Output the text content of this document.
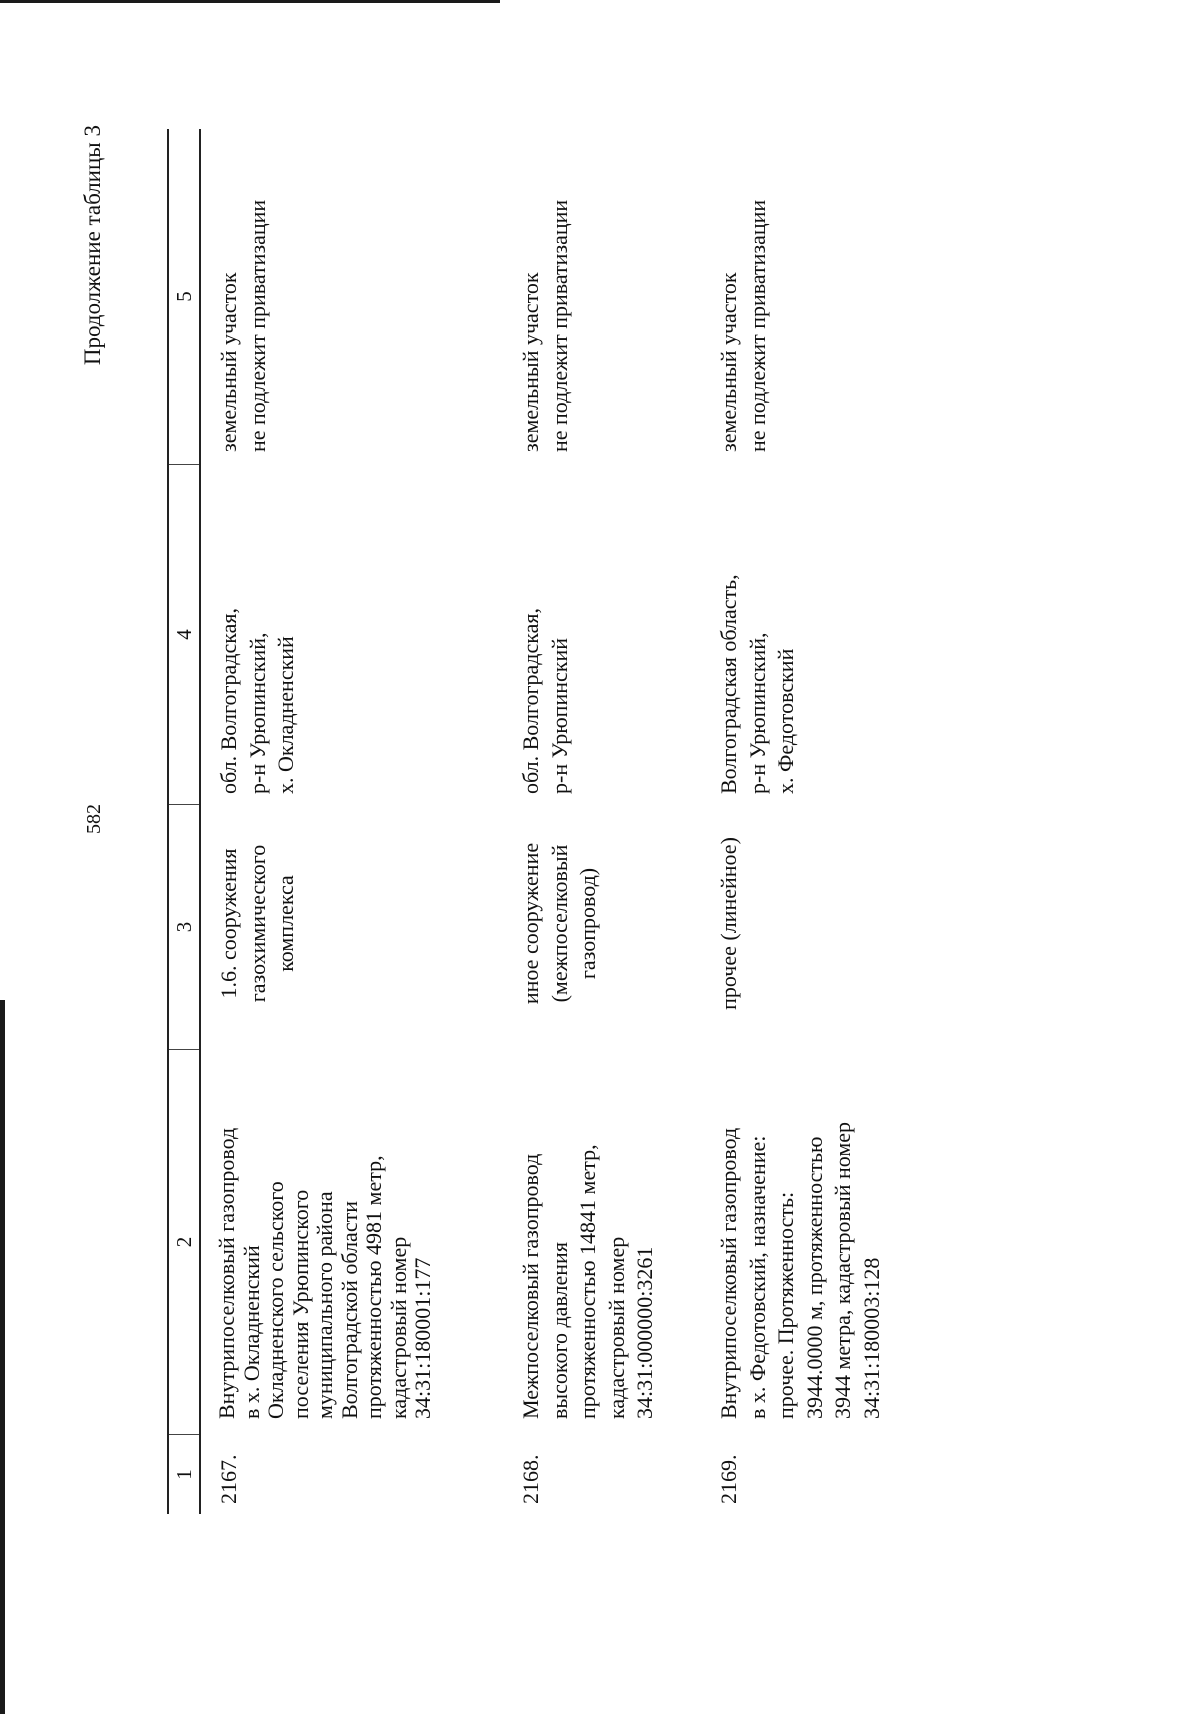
582
Продолжение таблицы 3
1
2
3
4
5
2167.
Внутрипоселковый газопровод в х. Окладненский Окладненского сельского поселения Урюпинского муниципального района Волгоградской области протяженностью 4981 метр, кадастровый номер 34:31:180001:177
1.6. сооружения газохимического комплекса
обл. Волгоградская, р-н Урюпинский, х. Окладненский
земельный участок не подлежит приватизации
2168.
Межпоселковый газопровод высокого давления протяженностью 14841 метр, кадастровый номер 34:31:000000:3261
иное сооружение (межпоселковый газопровод)
обл. Волгоградская, р-н Урюпинский
земельный участок не подлежит приватизации
2169.
Внутрипоселковый газопровод в х. Федотовский, назначение: прочее. Протяженность: 3944.0000 м, протяженностью 3944 метра, кадастровый номер 34:31:180003:128
прочее (линейное)
Волгоградская область, р-н Урюпинский, х. Федотовский
земельный участок не подлежит приватизации
